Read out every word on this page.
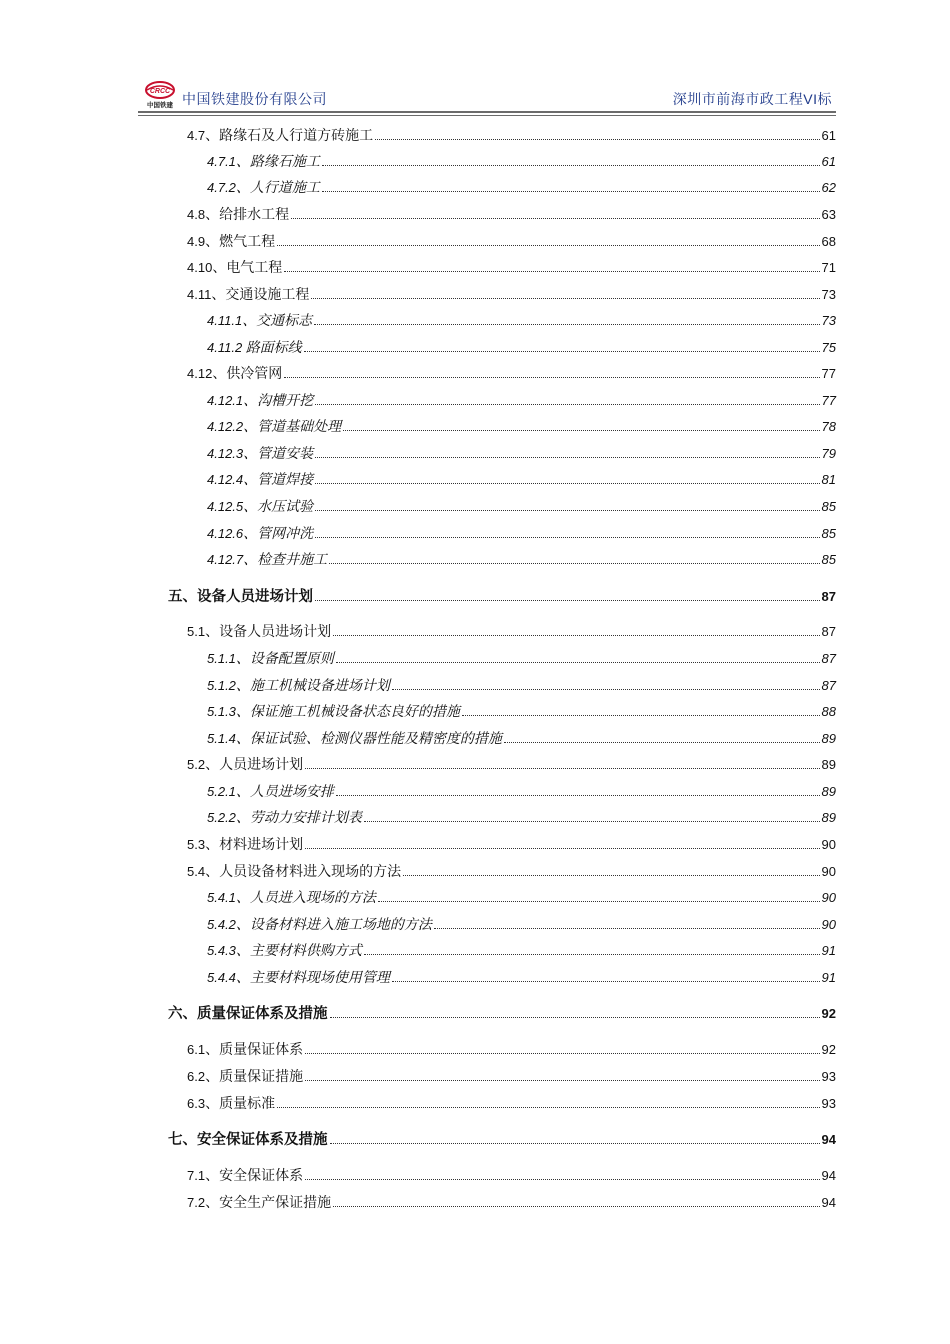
CRCC
中国铁建 中国铁建股份有限公司	深圳市前海市政工程VI标
4.7、路缘石及人行道方砖施工	61
4.7.1、路缘石施工	61
4.7.2、人行道施工	62
4.8、给排水工程	63
4.9、燃气工程	68
4.10、电气工程	71
4.11、交通设施工程	73
4.11.1、交通标志	73
4.11.2 路面标线	75
4.12、供冷管网	77
4.12.1、沟槽开挖	77
4.12.2、管道基础处理	78
4.12.3、管道安装	79
4.12.4、管道焊接	81
4.12.5、水压试验	85
4.12.6、管网冲洗	85
4.12.7、检查井施工	85
五、设备人员进场计划	87
5.1、设备人员进场计划	87
5.1.1、设备配置原则	87
5.1.2、施工机械设备进场计划	87
5.1.3、保证施工机械设备状态良好的措施	88
5.1.4、保证试验、检测仪器性能及精密度的措施	89
5.2、人员进场计划	89
5.2.1、人员进场安排	89
5.2.2、劳动力安排计划表	89
5.3、材料进场计划	90
5.4、人员设备材料进入现场的方法	90
5.4.1、人员进入现场的方法	90
5.4.2、设备材料进入施工场地的方法	90
5.4.3、主要材料供购方式	91
5.4.4、主要材料现场使用管理	91
六、质量保证体系及措施	92
6.1、质量保证体系	92
6.2、质量保证措施	93
6.3、质量标准	93
七、安全保证体系及措施	94
7.1、安全保证体系	94
7.2、安全生产保证措施	94
